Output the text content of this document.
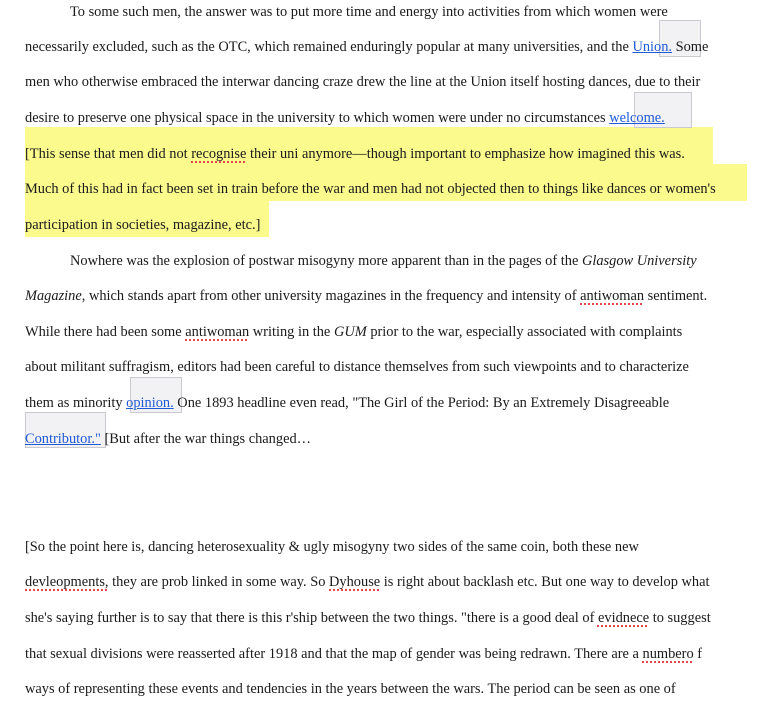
To some such men, the answer was to put more time and energy into activities from which women were
necessarily excluded, such as the OTC, which remained enduringly popular at many universities, and the Union. Some
men who otherwise embraced the interwar dancing craze drew the line at the Union itself hosting dances, due to their
desire to preserve one physical space in the university to which women were under no circumstances welcome.
[This sense that men did not recognise their uni anymore—though important to emphasize how imagined this was.
Much of this had in fact been set in train before the war and men had not objected then to things like dances or women's
participation in societies, magazine, etc.]
Nowhere was the explosion of postwar misogyny more apparent than in the pages of the Glasgow University
Magazine, which stands apart from other university magazines in the frequency and intensity of antiwoman sentiment.
While there had been some antiwoman writing in the GUM prior to the war, especially associated with complaints
about militant suffragism, editors had been careful to distance themselves from such viewpoints and to characterize
them as minority opinion. One 1893 headline even read, "The Girl of the Period: By an Extremely Disagreeable
Contributor." [But after the war things changed…
[So the point here is, dancing heterosexuality & ugly misogyny two sides of the same coin, both these new
devleopments, they are prob linked in some way. So Dyhouse is right about backlash etc. But one way to develop what
she's saying further is to say that there is this r'ship between the two things. "there is a good deal of evidnece to suggest
that sexual divisions were reasserted after 1918 and that the map of gender was being redrawn. There are a numbero f
ways of representing these events and tendencies in the years between the wars. The period can be seen as one of
